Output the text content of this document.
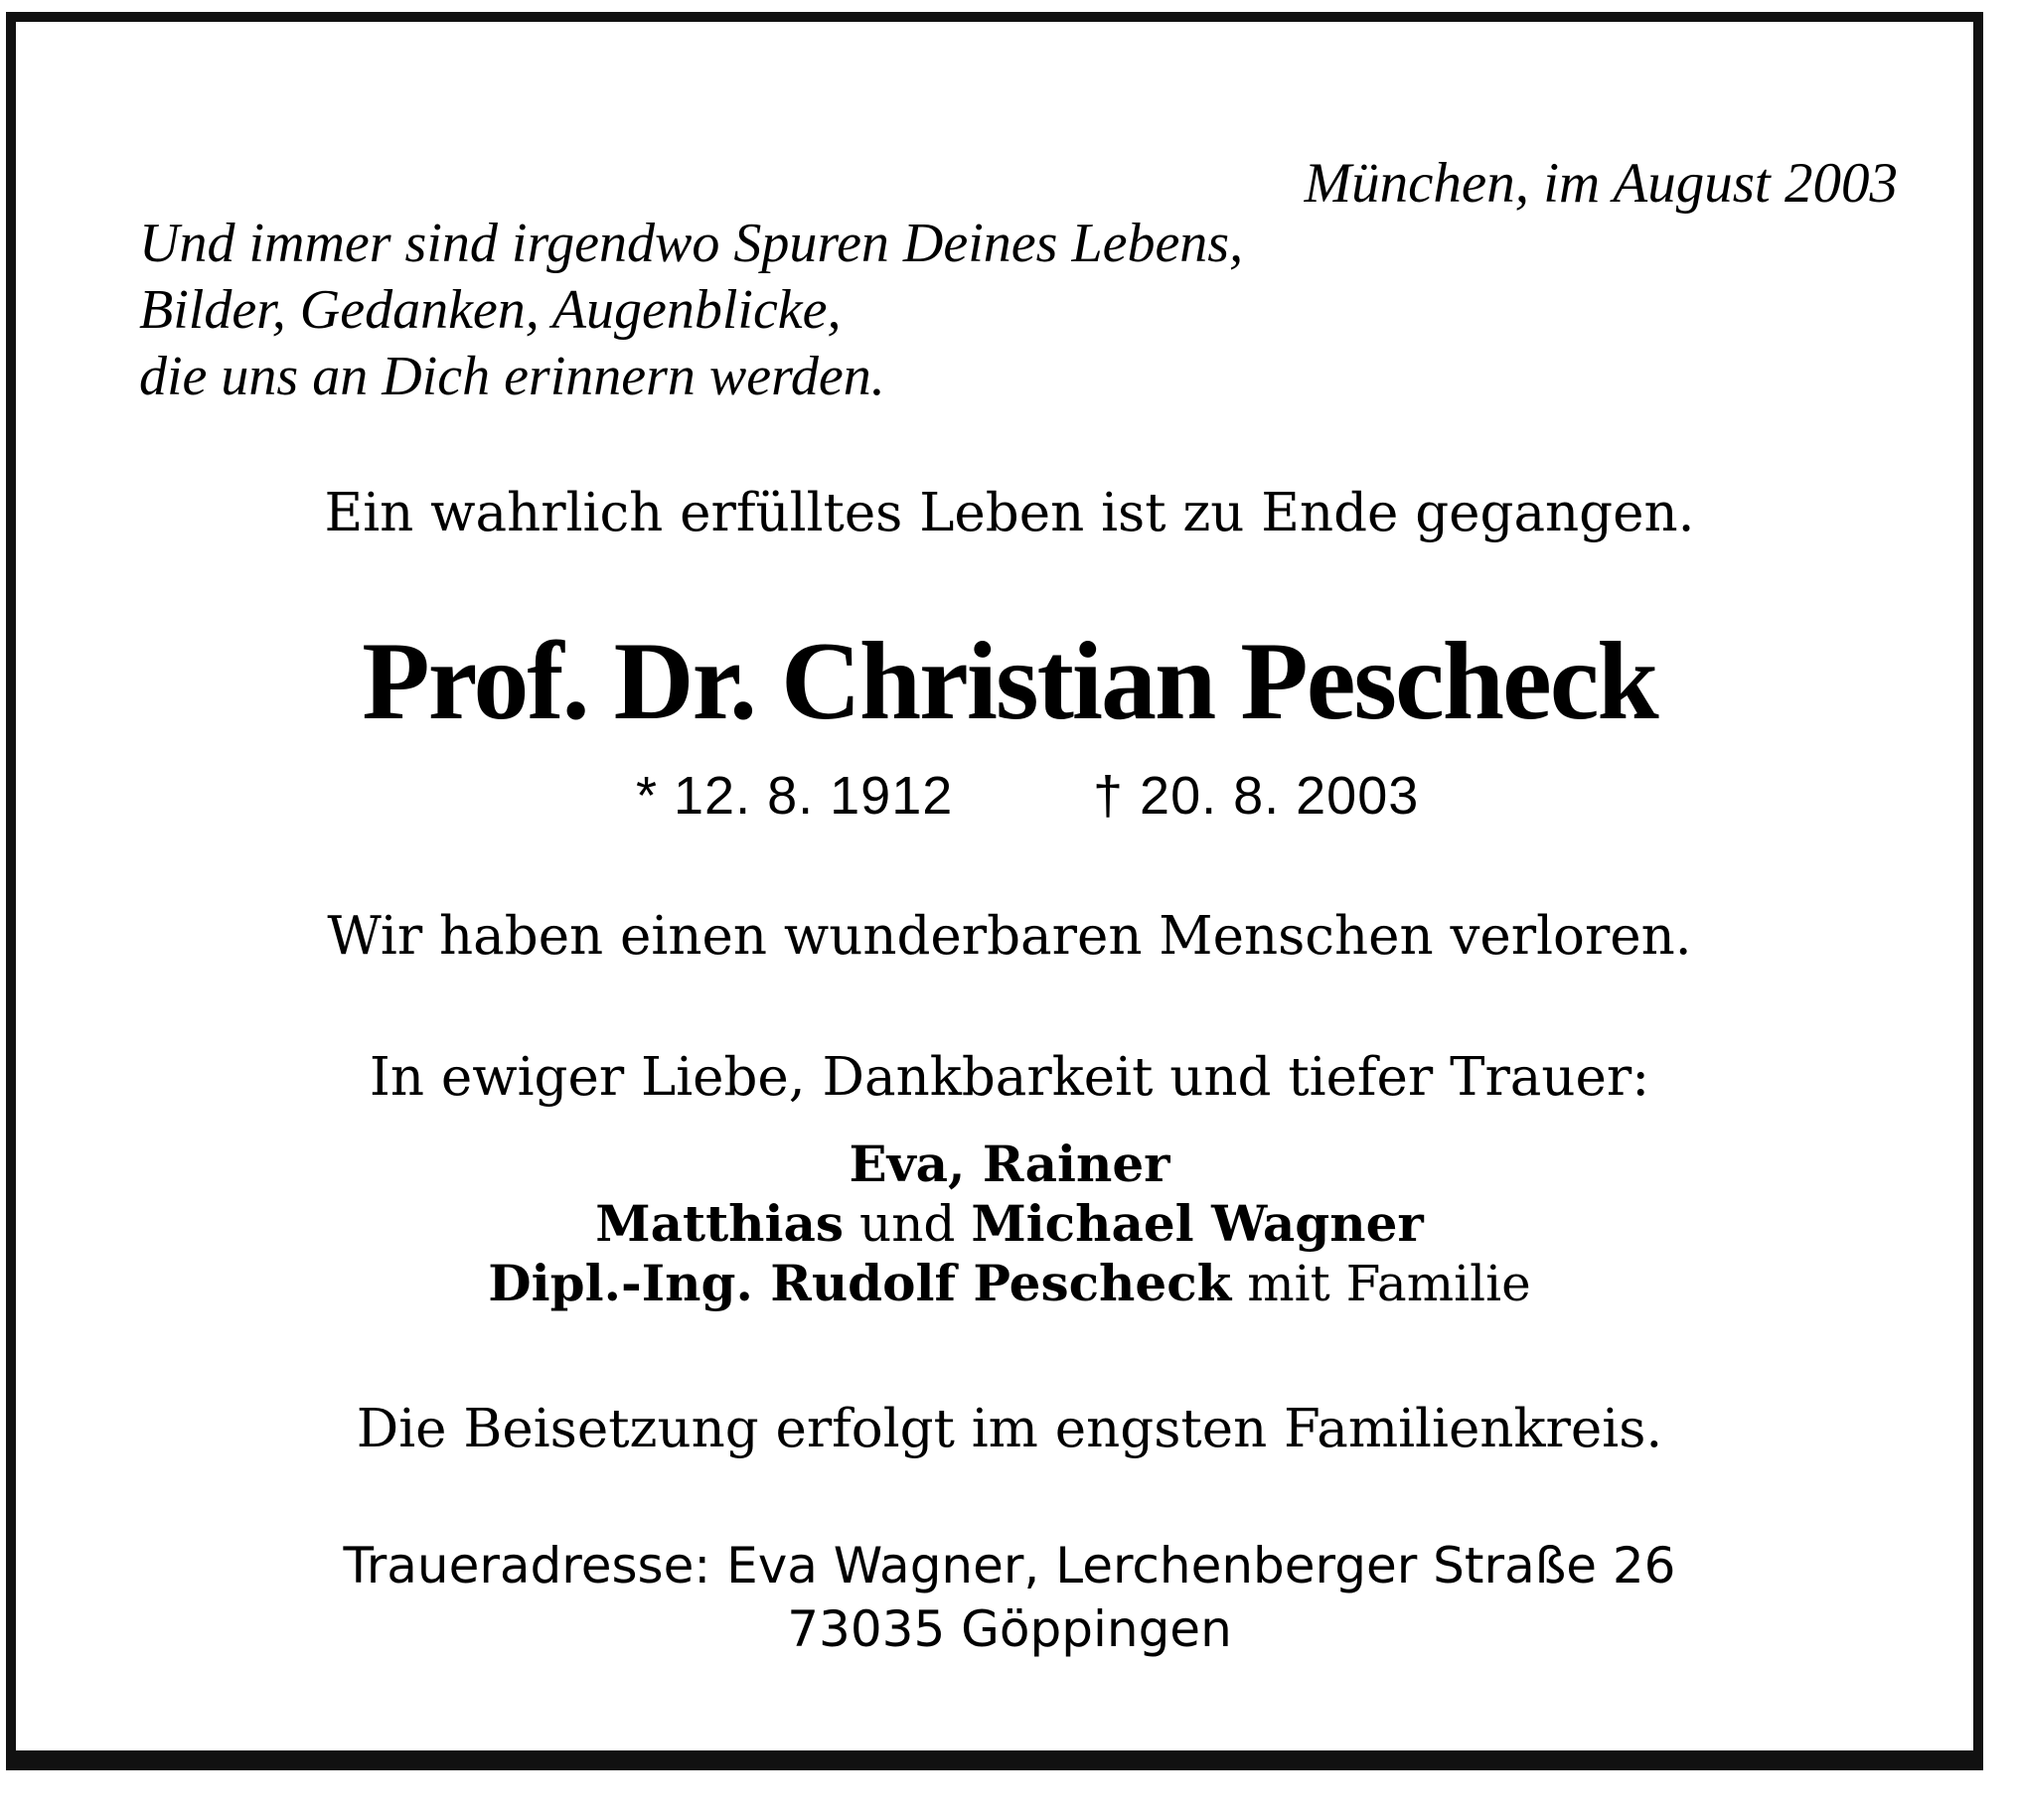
München, im August 2003
Und immer sind irgendwo Spuren Deines Lebens,
Bilder, Gedanken, Augenblicke,
die uns an Dich erinnern werden.
Ein wahrlich erfülltes Leben ist zu Ende gegangen.
Prof. Dr. Christian Pescheck
* 12. 8. 1912	† 20. 8. 2003
Wir haben einen wunderbaren Menschen verloren.
In ewiger Liebe, Dankbarkeit und tiefer Trauer:
Eva, Rainer
Matthias und Michael Wagner
Dipl.-Ing. Rudolf Pescheck mit Familie
Die Beisetzung erfolgt im engsten Familienkreis.
Traueradresse: Eva Wagner, Lerchenberger Straße 26
73035 Göppingen
